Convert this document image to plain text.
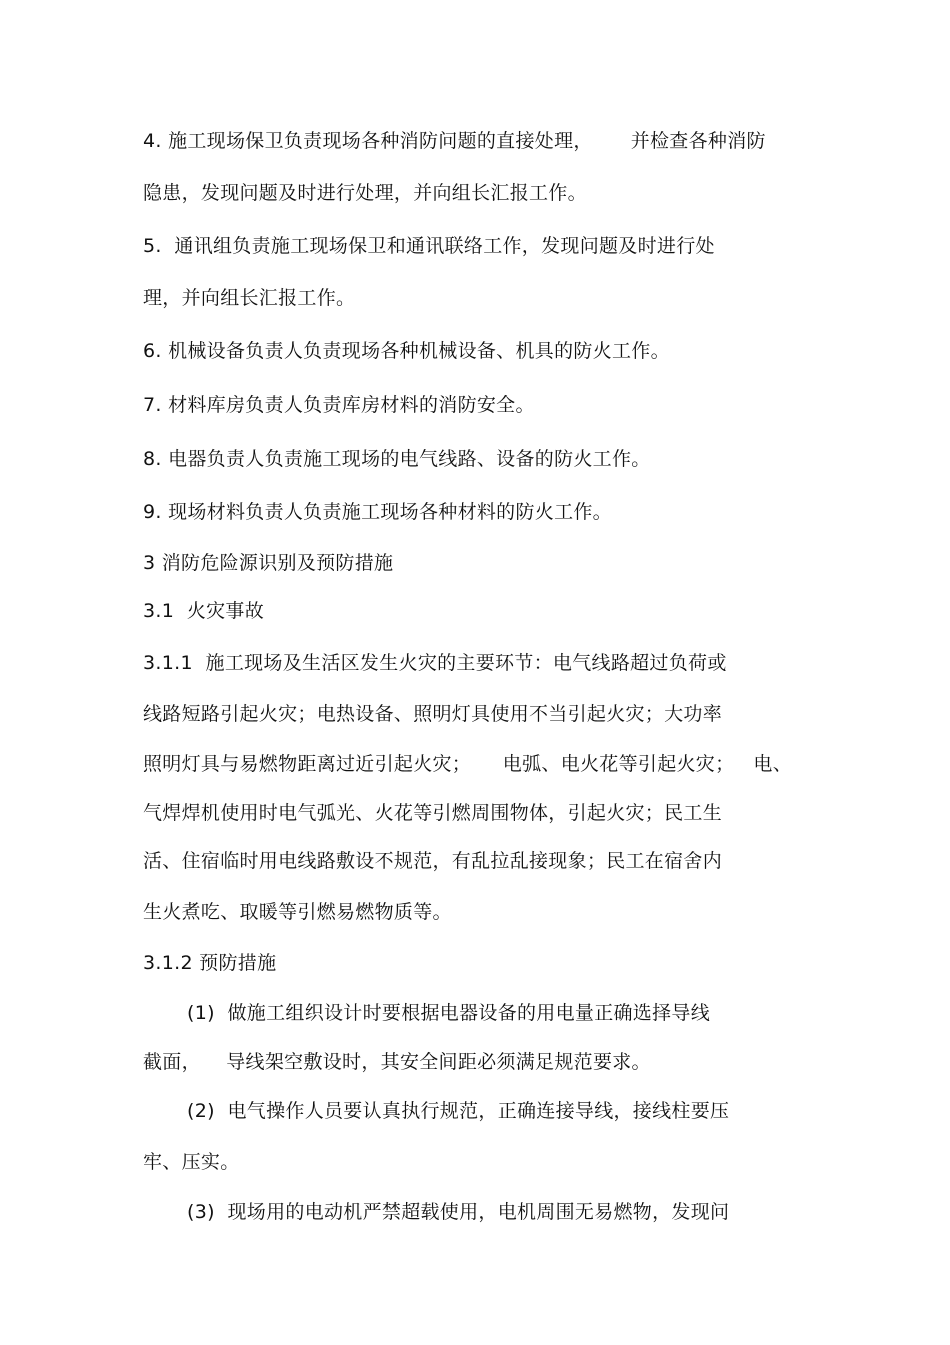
4. 施工现场保卫负责现场各种消防问题的直接处理，      并检查各种消防
隐患，发现问题及时进行处理，并向组长汇报工作。
5.  通讯组负责施工现场保卫和通讯联络工作，发现问题及时进行处
理，并向组长汇报工作。
6. 机械设备负责人负责现场各种机械设备、机具的防火工作。
7. 材料库房负责人负责库房材料的消防安全。
8. 电器负责人负责施工现场的电气线路、设备的防火工作。
9. 现场材料负责人负责施工现场各种材料的防火工作。
3 消防危险源识别及预防措施
3.1  火灾事故
3.1.1  施工现场及生活区发生火灾的主要环节：电气线路超过负荷或
线路短路引起火灾；电热设备、照明灯具使用不当引起火灾；大功率
照明灯具与易燃物距离过近引起火灾；     电弧、电火花等引起火灾；   电、
气焊焊机使用时电气弧光、火花等引燃周围物体，引起火灾；民工生
活、住宿临时用电线路敷设不规范，有乱拉乱接现象；民工在宿舍内
生火煮吃、取暖等引燃易燃物质等。
3.1.2 预防措施
(1)  做施工组织设计时要根据电器设备的用电量正确选择导线
截面，    导线架空敷设时，其安全间距必须满足规范要求。
(2)  电气操作人员要认真执行规范，正确连接导线，接线柱要压
牢、压实。
(3)  现场用的电动机严禁超载使用，电机周围无易燃物，发现问
